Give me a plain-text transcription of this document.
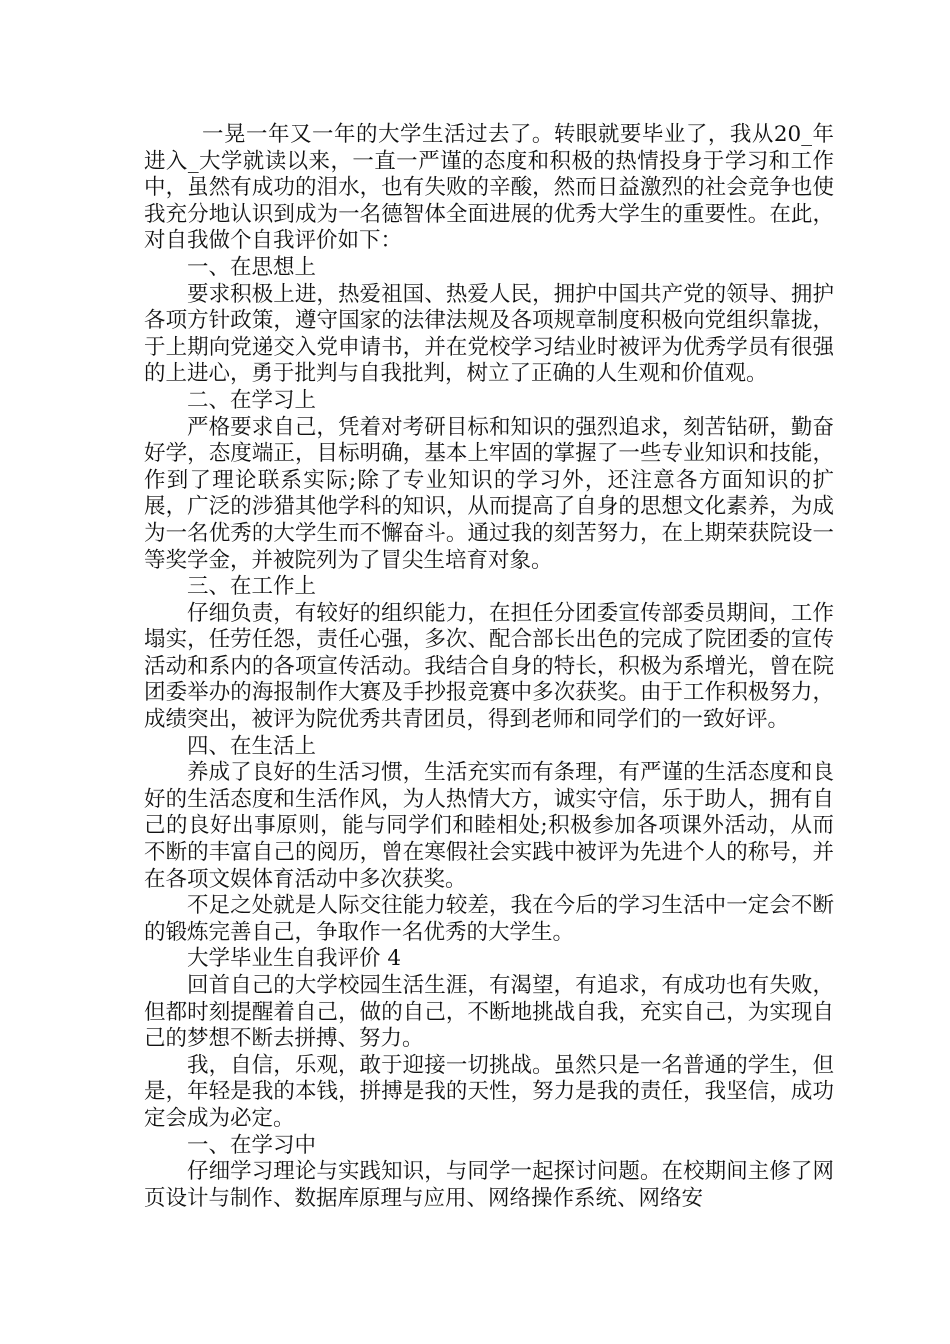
一晃一年又一年的大学生活过去了。转眼就要毕业了，我从20_年进入_大学就读以来，一直一严谨的态度和积极的热情投身于学习和工作中，虽然有成功的泪水，也有失败的辛酸，然而日益激烈的社会竞争也使我充分地认识到成为一名德智体全面进展的优秀大学生的重要性。在此，对自我做个自我评价如下：

一、在思想上

要求积极上进，热爱祖国、热爱人民，拥护中国共产党的领导、拥护各项方针政策，遵守国家的法律法规及各项规章制度积极向党组织靠拢，于上期向党递交入党申请书，并在党校学习结业时被评为优秀学员有很强的上进心，勇于批判与自我批判，树立了正确的人生观和价值观。

二、在学习上

严格要求自己，凭着对考研目标和知识的强烈追求，刻苦钻研，勤奋好学，态度端正，目标明确，基本上牢固的掌握了一些专业知识和技能，作到了理论联系实际;除了专业知识的学习外，还注意各方面知识的扩展，广泛的涉猎其他学科的知识，从而提高了自身的思想文化素养，为成为一名优秀的大学生而不懈奋斗。通过我的刻苦努力，在上期荣获院设一等奖学金，并被院列为了冒尖生培育对象。

三、在工作上

仔细负责，有较好的组织能力，在担任分团委宣传部委员期间，工作塌实，任劳任怨，责任心强，多次、配合部长出色的完成了院团委的宣传活动和系内的各项宣传活动。我结合自身的特长，积极为系增光，曾在院团委举办的海报制作大赛及手抄报竞赛中多次获奖。由于工作积极努力，成绩突出，被评为院优秀共青团员，得到老师和同学们的一致好评。

四、在生活上

养成了良好的生活习惯，生活充实而有条理，有严谨的生活态度和良好的生活态度和生活作风，为人热情大方，诚实守信，乐于助人，拥有自己的良好出事原则，能与同学们和睦相处;积极参加各项课外活动，从而不断的丰富自己的阅历，曾在寒假社会实践中被评为先进个人的称号，并在各项文娱体育活动中多次获奖。

不足之处就是人际交往能力较差，我在今后的学习生活中一定会不断的锻炼完善自己，争取作一名优秀的大学生。

大学毕业生自我评价 4

回首自己的大学校园生活生涯，有渴望，有追求，有成功也有失败，但都时刻提醒着自己，做的自己，不断地挑战自我，充实自己，为实现自己的梦想不断去拼搏、努力。

我，自信，乐观，敢于迎接一切挑战。虽然只是一名普通的学生，但是，年轻是我的本钱，拼搏是我的天性，努力是我的责任，我坚信，成功定会成为必定。

一、在学习中

仔细学习理论与实践知识，与同学一起探讨问题。在校期间主修了网页设计与制作、数据库原理与应用、网络操作系统、网络安
